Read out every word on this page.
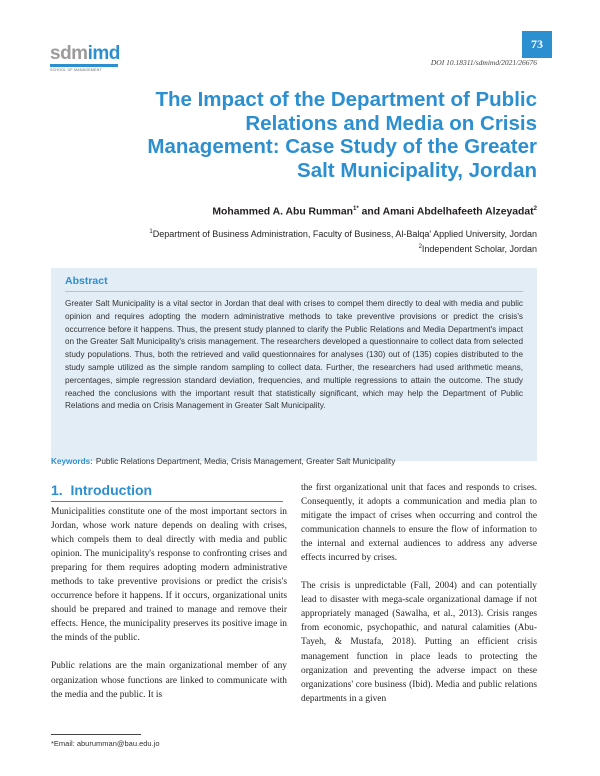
73
sdmimd
SCHOOL OF MANAGEMENT
DOI 10.18311/sdmimd/2021/26676
The Impact of the Department of Public Relations and Media on Crisis Management: Case Study of the Greater Salt Municipality, Jordan
Mohammed A. Abu Rumman$^{1*}$ and Amani Abdelhafeeth Alzeyadat$^2$
$^1$Department of Business Administration, Faculty of Business, Al-Balqa' Applied University, Jordan
$^2$Independent Scholar, Jordan
Abstract

Greater Salt Municipality is a vital sector in Jordan that deal with crises to compel them directly to deal with media and public opinion and requires adopting the modern administrative methods to take preventive provisions or predict the crisis's occurrence before it happens. Thus, the present study planned to clarify the Public Relations and Media Department's impact on the Greater Salt Municipality's crisis management. The researchers developed a questionnaire to collect data from selected study populations. Thus, both the retrieved and valid questionnaires for analyses (130) out of (135) copies distributed to the study sample utilized as the simple random sampling to collect data. Further, the researchers had used arithmetic means, percentages, simple regression standard deviation, frequencies, and multiple regressions to attain the outcome. The study reached the conclusions with the important result that statistically significant, which may help the Department of Public Relations and media on Crisis Management in Greater Salt Municipality.

Keywords: Public Relations Department, Media, Crisis Management, Greater Salt Municipality
1.  Introduction

Municipalities constitute one of the most important sectors in Jordan, whose work nature depends on dealing with crises, which compels them to deal directly with media and public opinion. The municipality's response to confronting crises and preparing for them requires adopting modern administrative methods to take preventive provisions or predict the crisis's occurrence before it happens. If it occurs, organizational units should be prepared and trained to manage and remove their effects. Hence, the municipality preserves its positive image in the minds of the public.

Public relations are the main organizational member of any organization whose functions are linked to communicate with the media and the public. It is

the first organizational unit that faces and responds to crises. Consequently, it adopts a communication and media plan to mitigate the impact of crises when occurring and control the communication channels to ensure the flow of information to the internal and external audiences to address any adverse effects incurred by crises.

The crisis is unpredictable (Fall, 2004) and can potentially lead to disaster with mega-scale organizational damage if not appropriately managed (Sawalha, et al., 2013). Crisis ranges from economic, psychopathic, and natural calamities (Abu-Tayeh, & Mustafa, 2018). Putting an efficient crisis management function in place leads to protecting the organization and preventing the adverse impact on these organizations' core business (Ibid). Media and public relations departments in a given

*Email: aburumman@bau.edu.jo
